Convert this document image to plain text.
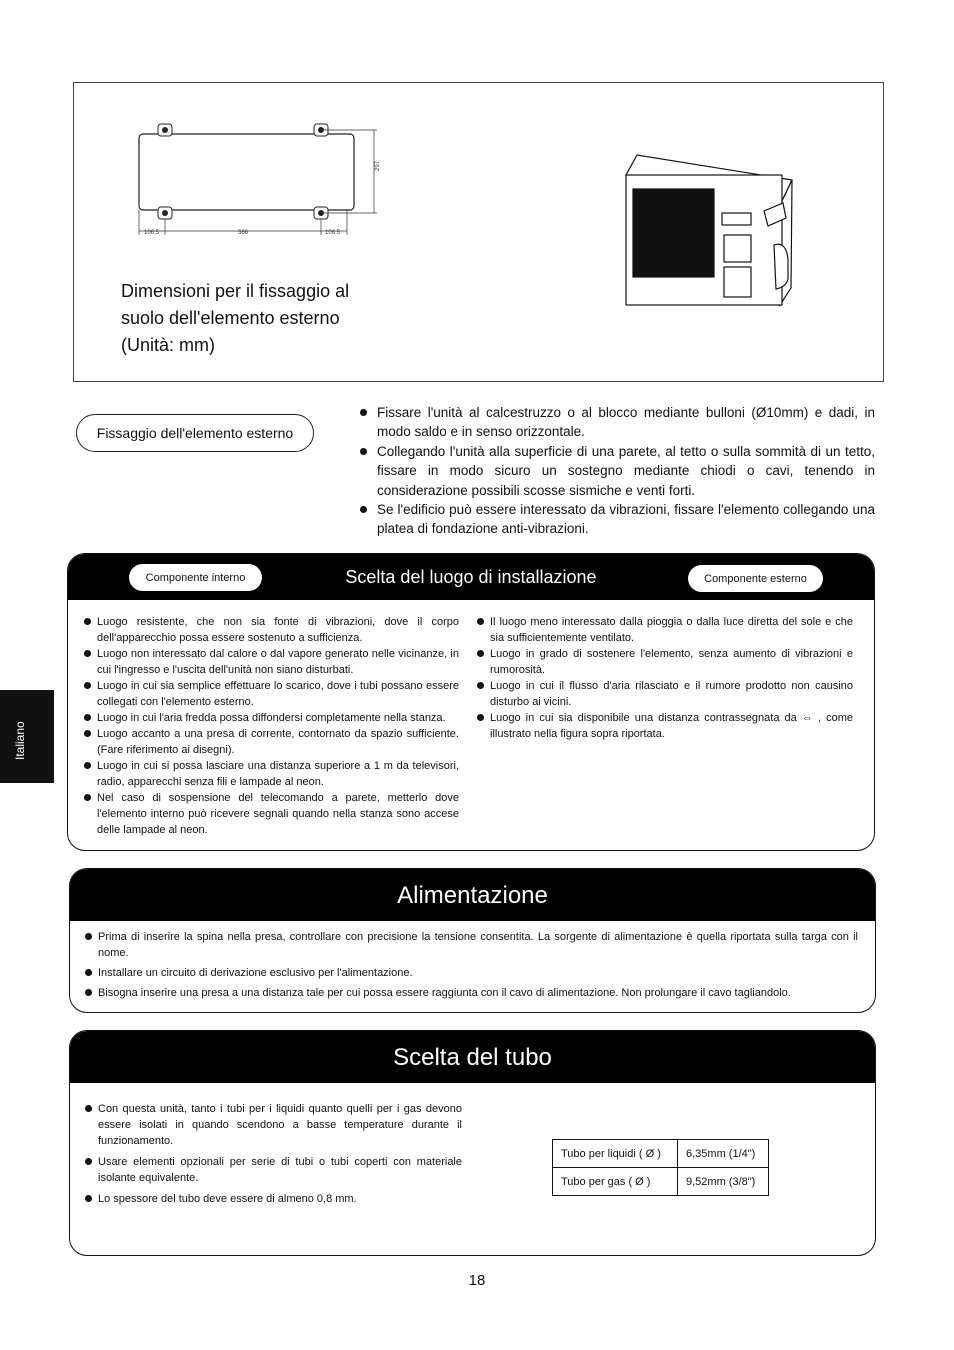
297
106.5	566	106.5
Dimensioni per il fissaggio al
suolo dell'elemento esterno
(Unità: mm)
Fissaggio dell'elemento esterno
Fissare l'unità al calcestruzzo o al blocco mediante bulloni (Ø10mm) e dadi, in modo saldo e in senso orizzontale.
Collegando l'unità alla superficie di una parete, al tetto o sulla sommità di un tetto, fissare in modo sicuro un sostegno mediante chiodi o cavi, tenendo in considerazione possibili scosse sismiche e venti forti.
Se l'edificio può essere interessato da vibrazioni, fissare l'elemento collegando una platea di fondazione anti-vibrazioni.
Componente interno	Scelta del luogo di installazione	Componente esterno
Luogo resistente, che non sia fonte di vibrazioni, dove il corpo dell'apparecchio possa essere sostenuto a sufficienza.
Luogo non interessato dal calore o dal vapore generato nelle vicinanze, in cui l'ingresso e l'uscita dell'unità non siano disturbati.
Luogo in cui sia semplice effettuare lo scarico, dove i tubi possano essere collegati con l'elemento esterno.
Luogo in cui l'aria fredda possa diffondersi completamente nella stanza.
Luogo accanto a una presa di corrente, contornato da spazio sufficiente. (Fare riferimento ai disegni).
Luogo in cui si possa lasciare una distanza superiore a 1 m da televisori, radio, apparecchi senza fili e lampade al neon.
Nel caso di sospensione del telecomando a parete, metterlo dove l'elemento interno può ricevere segnali quando nella stanza sono accese delle lampade al neon.
Il luogo meno interessato dalla pioggia o dalla luce diretta del sole e che sia sufficientemente ventilato.
Luogo in grado di sostenere l'elemento, senza aumento di vibrazioni e rumorosità.
Luogo in cui il flusso d'aria rilasciato e il rumore prodotto non causino disturbo ai vicini.
Luogo in cui sia disponibile una distanza contrassegnata da ⇔ , come illustrato nella figura sopra riportata.
Alimentazione
Prima di inserire la spina nella presa, controllare con precisione la tensione consentita. La sorgente di alimentazione è quella riportata sulla targa con il nome.
Installare un circuito di derivazione esclusivo per l'alimentazione.
Bisogna inserire una presa a una distanza tale per cui possa essere raggiunta con il cavo di alimentazione. Non prolungare il cavo tagliandolo.
Scelta del tubo
Con questa unità, tanto i tubi per i liquidi quanto quelli per i gas devono essere isolati in quando scendono a basse temperature durante il funzionamento.
Usare elementi opzionali per serie di tubi o tubi coperti con materiale isolante equivalente.
Lo spessore del tubo deve essere di almeno 0,8 mm.
Tubo per liquidi ( Ø )	6,35mm (1/4")
Tubo per gas ( Ø )	9,52mm (3/8")
Italiano
18
